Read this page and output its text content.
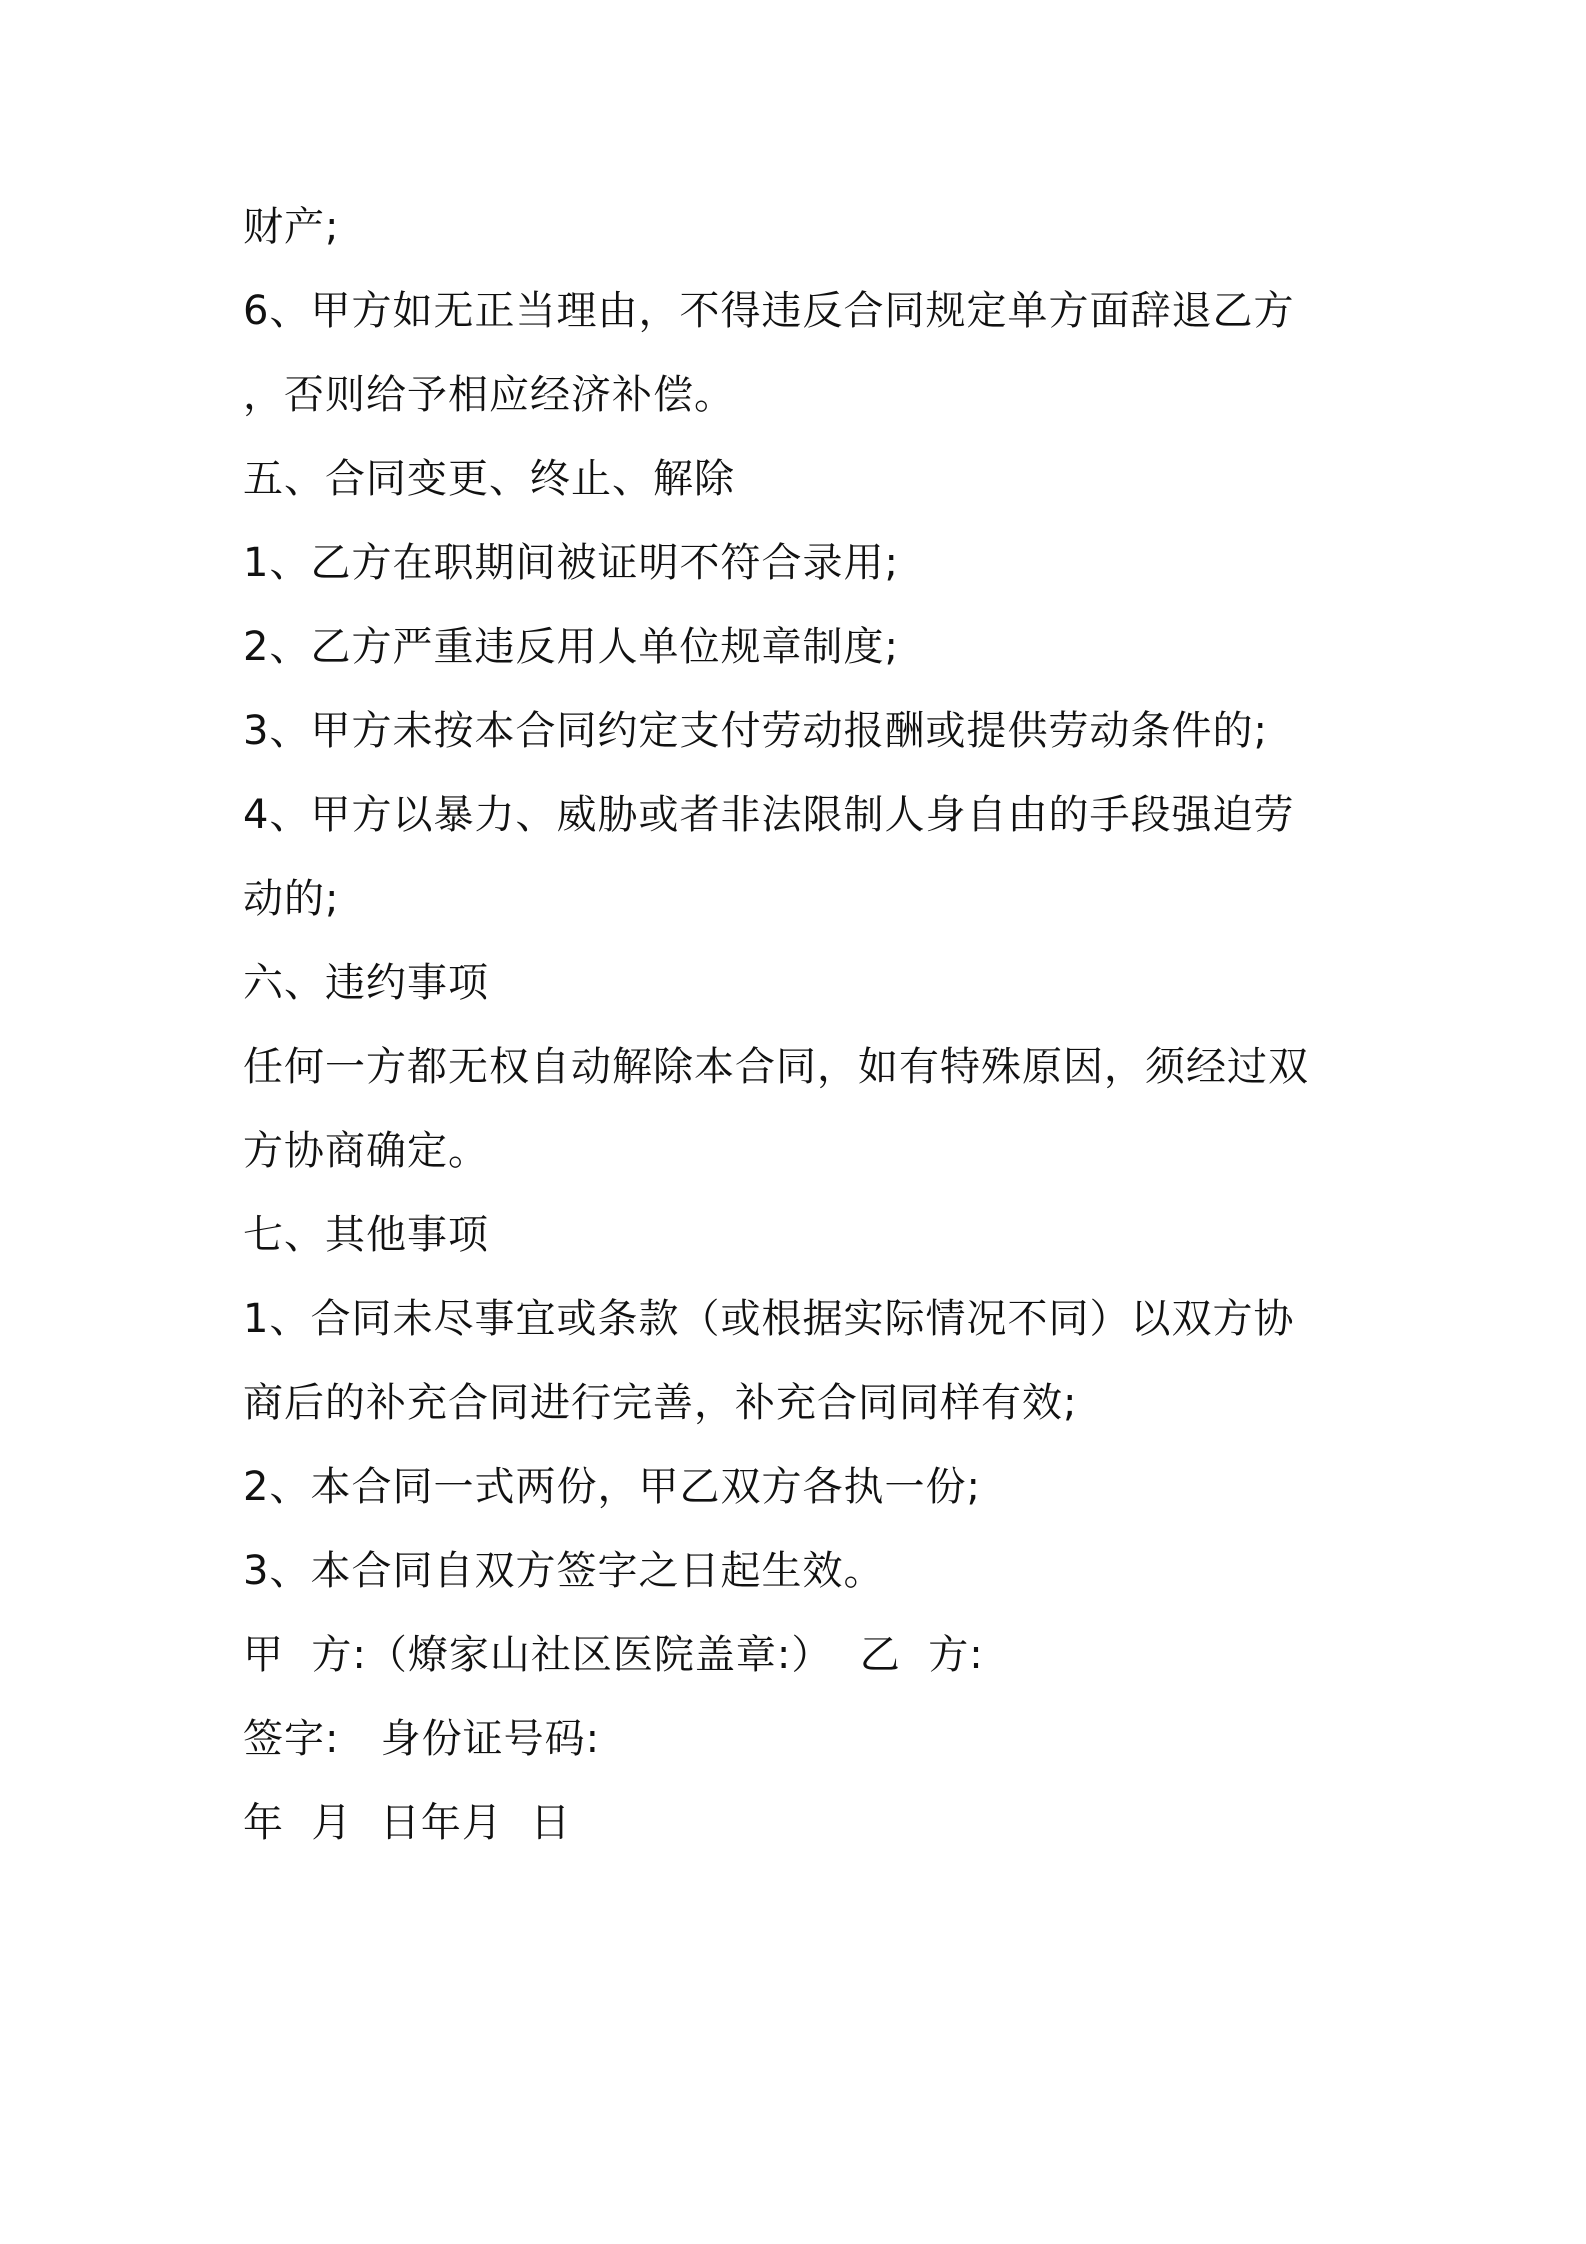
财产;

6、甲方如无正当理由，不得违反合同规定单方面辞退乙方

，否则给予相应经济补偿。

五、合同变更、终止、解除

1、乙方在职期间被证明不符合录用;

2、乙方严重违反用人单位规章制度;

3、甲方未按本合同约定支付劳动报酬或提供劳动条件的;

4、甲方以暴力、威胁或者非法限制人身自由的手段强迫劳

动的;

六、违约事项

任何一方都无权自动解除本合同，如有特殊原因，须经过双

方协商确定。

七、其他事项

1、合同未尽事宜或条款（或根据实际情况不同）以双方协

商后的补充合同进行完善，补充合同同样有效;

2、本合同一式两份，甲乙双方各执一份;

3、本合同自双方签字之日起生效。

甲  方:（燎家山社区医院盖章:）  乙  方:

签字:   身份证号码:

年  月  日年月  日
